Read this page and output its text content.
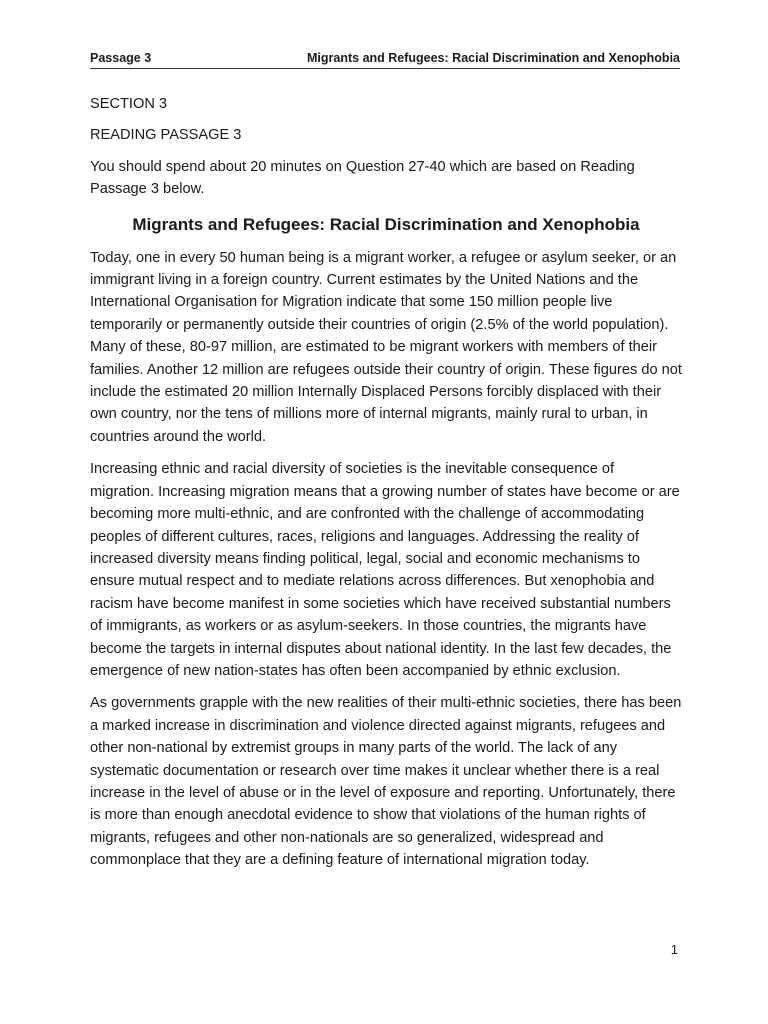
Passage 3	Migrants and Refugees: Racial Discrimination and Xenophobia

SECTION 3

READING PASSAGE 3

You should spend about 20 minutes on Question 27-40 which are based on Reading Passage 3 below.

Migrants and Refugees: Racial Discrimination and Xenophobia

Today, one in every 50 human being is a migrant worker, a refugee or asylum seeker, or an immigrant living in a foreign country. Current estimates by the United Nations and the International Organisation for Migration indicate that some 150 million people live temporarily or permanently outside their countries of origin (2.5% of the world population). Many of these, 80-97 million, are estimated to be migrant workers with members of their families. Another 12 million are refugees outside their country of origin. These figures do not include the estimated 20 million Internally Displaced Persons forcibly displaced with their own country, nor the tens of millions more of internal migrants, mainly rural to urban, in countries around the world.

Increasing ethnic and racial diversity of societies is the inevitable consequence of migration. Increasing migration means that a growing number of states have become or are becoming more multi-ethnic, and are confronted with the challenge of accommodating peoples of different cultures, races, religions and languages. Addressing the reality of increased diversity means finding political, legal, social and economic mechanisms to ensure mutual respect and to mediate relations across differences. But xenophobia and racism have become manifest in some societies which have received substantial numbers of immigrants, as workers or as asylum-seekers. In those countries, the migrants have become the targets in internal disputes about national identity. In the last few decades, the emergence of new nation-states has often been accompanied by ethnic exclusion.

As governments grapple with the new realities of their multi-ethnic societies, there has been a marked increase in discrimination and violence directed against migrants, refugees and other non-national by extremist groups in many parts of the world. The lack of any systematic documentation or research over time makes it unclear whether there is a real increase in the level of abuse or in the level of exposure and reporting. Unfortunately, there is more than enough anecdotal evidence to show that violations of the human rights of migrants, refugees and other non-nationals are so generalized, widespread and commonplace that they are a defining feature of international migration today.

1
